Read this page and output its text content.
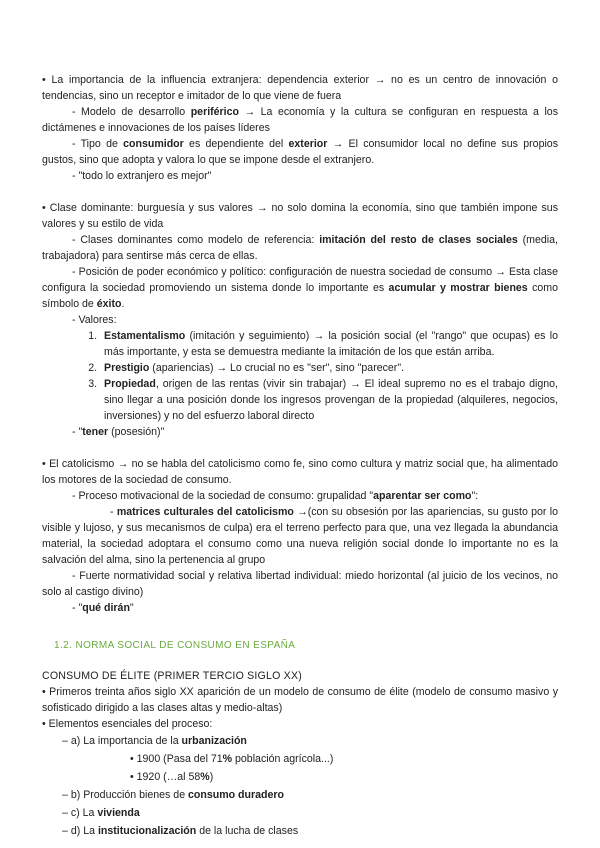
• La importancia de la influencia extranjera: dependencia exterior → no es un centro de innovación o tendencias, sino un receptor e imitador de lo que viene de fuera

- Modelo de desarrollo periférico → La economía y la cultura se configuran en respuesta a los dictámenes e innovaciones de los países líderes

- Tipo de consumidor es dependiente del exterior → El consumidor local no define sus propios gustos, sino que adopta y valora lo que se impone desde el extranjero.

- "todo lo extranjero es mejor"

• Clase dominante: burguesía y sus valores → no solo domina la economía, sino que también impone sus valores y su estilo de vida

- Clases dominantes como modelo de referencia: imitación del resto de clases sociales (media, trabajadora) para sentirse más cerca de ellas.

- Posición de poder económico y político: configuración de nuestra sociedad de consumo → Esta clase configura la sociedad promoviendo un sistema donde lo importante es acumular y mostrar bienes como símbolo de éxito.

- Valores:

1. Estamentalismo (imitación y seguimiento) → la posición social (el "rango" que ocupas) es lo más importante, y esta se demuestra mediante la imitación de los que están arriba.
2. Prestigio (apariencias) → Lo crucial no es "ser", sino "parecer".
3. Propiedad, origen de las rentas (vivir sin trabajar) → El ideal supremo no es el trabajo digno, sino llegar a una posición donde los ingresos provengan de la propiedad (alquileres, negocios, inversiones) y no del esfuerzo laboral directo

- "tener (posesión)"

• El catolicismo → no se habla del catolicismo como fe, sino como cultura y matriz social que, ha alimentado los motores de la sociedad de consumo.

- Proceso motivacional de la sociedad de consumo: grupalidad "aparentar ser como":

- matrices culturales del catolicismo →(con su obsesión por las apariencias, su gusto por lo visible y lujoso, y sus mecanismos de culpa) era el terreno perfecto para que, una vez llegada la abundancia material, la sociedad adoptara el consumo como una nueva religión social donde lo importante no es la salvación del alma, sino la pertenencia al grupo

- Fuerte normatividad social y relativa libertad individual: miedo horizontal (al juicio de los vecinos, no solo al castigo divino)

- "qué dirán"

1.2. NORMA SOCIAL DE CONSUMO EN ESPAÑA
CONSUMO DE ÉLITE (PRIMER TERCIO SIGLO XX)

• Primeros treinta años siglo XX aparición de un modelo de consumo de élite (modelo de consumo masivo y sofisticado dirigido a las clases altas y medio-altas)

• Elementos esenciales del proceso:

– a) La importancia de la urbanización
• 1900 (Pasa del 71% población agrícola...)
• 1920 (…al 58%)
– b) Producción bienes de consumo duradero
– c) La vivienda
– d) La institucionalización de la lucha de clases
